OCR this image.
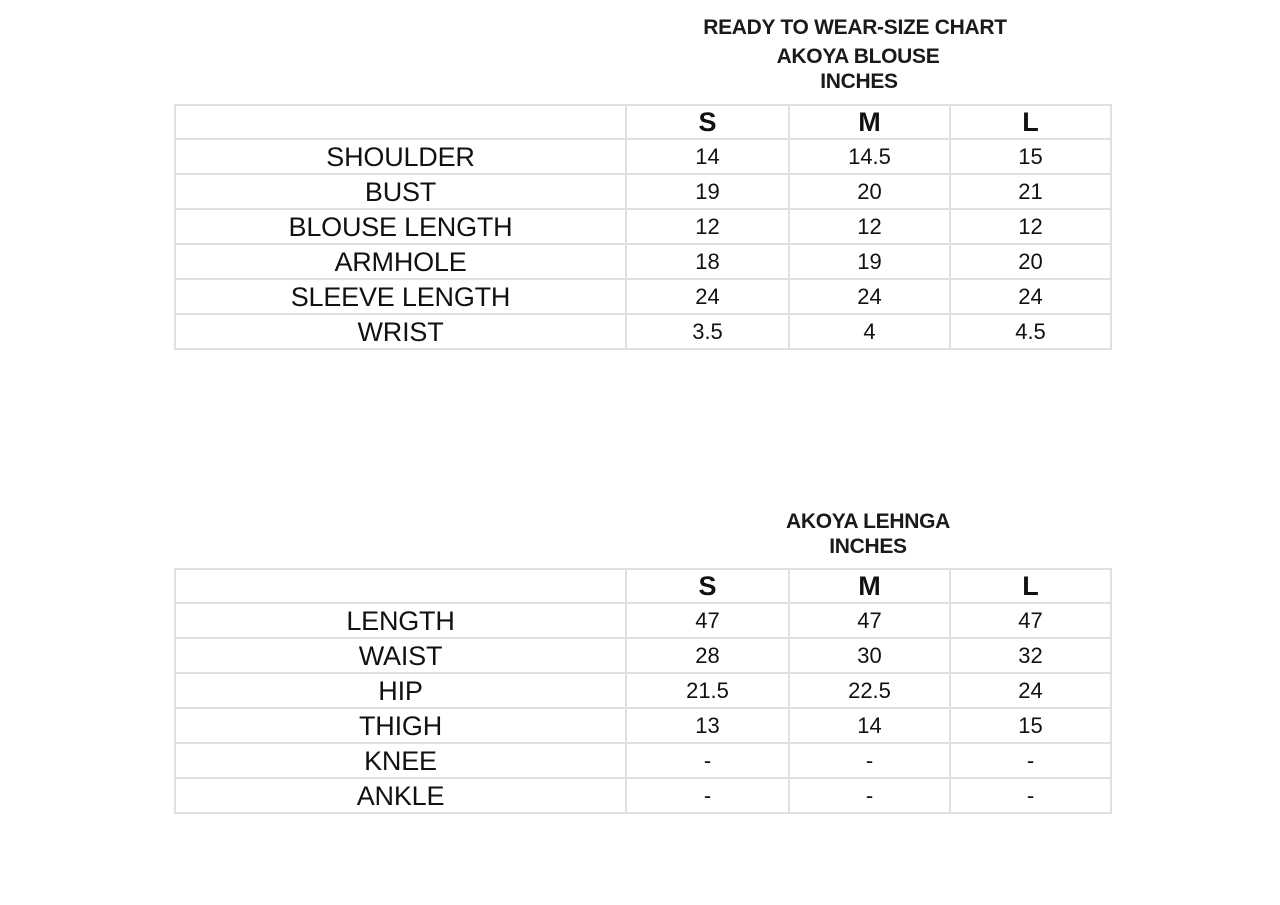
READY TO WEAR-SIZE CHART
AKOYA BLOUSE
INCHES
	S	M	L
SHOULDER	14	14.5	15
BUST	19	20	21
BLOUSE LENGTH	12	12	12
ARMHOLE	18	19	20
SLEEVE LENGTH	24	24	24
WRIST	3.5	4	4.5
AKOYA LEHNGA
INCHES
	S	M	L
LENGTH	47	47	47
WAIST	28	30	32
HIP	21.5	22.5	24
THIGH	13	14	15
KNEE	-	-	-
ANKLE	-	-	-
